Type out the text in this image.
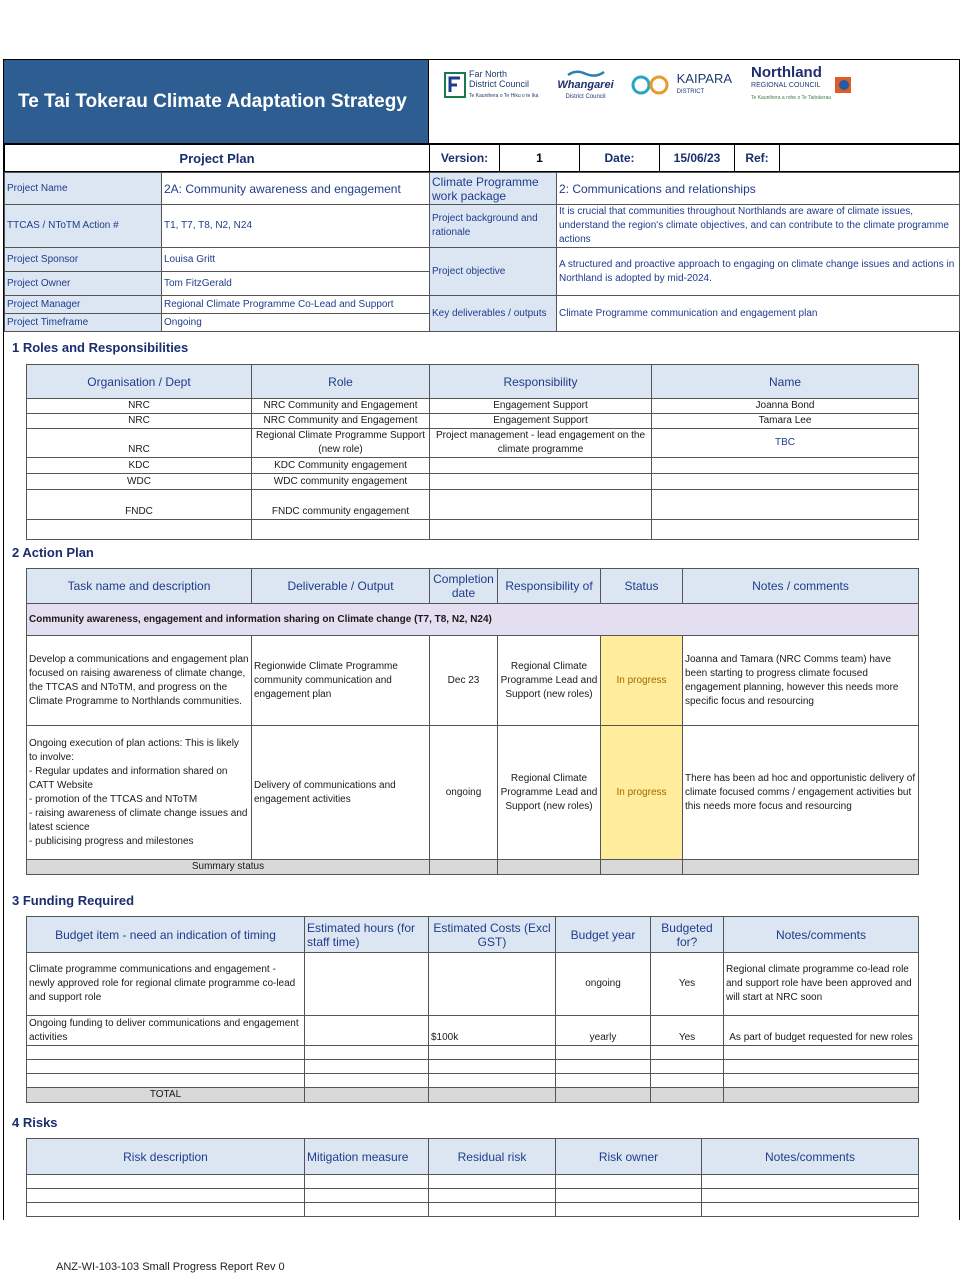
Te Tai Tokerau Climate Adaptation Strategy
Far North
District Council
Te Kaunihera o Te Hiku o te Ika

Whangarei
District Council
KAIPARA
DISTRICT
Northland
REGIONAL COUNCIL
Te Kaunihera a rohe o Te Taitokerau
Project Plan	Version:	1	Date:	15/06/23	Ref:	
Project Name	2A: Community awareness and engagement	Climate Programme work package	2: Communications and relationships
TTCAS / NToTM Action #	T1, T7, T8, N2, N24	Project background and rationale	It is crucial that communities throughout Northlands are aware of climate issues, understand the region's climate objectives, and can contribute to the climate programme actions
Project Sponsor	Louisa Gritt	Project objective	A structured and proactive approach to engaging on climate change issues and actions in Northland is adopted by mid-2024.
Project Owner	Tom FitzGerald		
Project Manager	Regional Climate Programme Co-Lead and Support	Key deliverables / outputs	Climate Programme communication and engagement plan
Project Timeframe	Ongoing		
1 Roles and Responsibilities
Organisation / Dept	Role	Responsibility	Name
NRC	NRC Community and Engagement	Engagement Support	Joanna Bond
NRC	NRC Community and Engagement	Engagement Support	Tamara Lee
NRC	Regional Climate Programme Support (new role)	Project management - lead engagement on the climate programme	TBC
KDC	KDC Community engagement		
WDC	WDC community engagement		
FNDC	FNDC community engagement		

2 Action Plan
Task name and description	Deliverable / Output	Completion date	Responsibility of	Status	Notes / comments
Community awareness, engagement and information sharing on Climate change (T7, T8, N2, N24)					
Develop a communications and engagement plan focused on raising awareness of climate change, the TTCAS and NToTM, and progress on the Climate Programme to Northlands communities.	Regionwide Climate Programme community communication and engagement plan	Dec 23	Regional Climate Programme Lead and Support (new roles)	In progress	Joanna and Tamara (NRC Comms team) have been starting to progress climate focused engagement planning, however this needs more specific focus and resourcing

Ongoing execution of plan actions: This is likely to involve:
- Regular updates and information shared on CATT Website
- promotion of the TTCAS and NToTM
- raising awareness of climate change issues and latest science
- publicising progress and milestones	Delivery of communications and engagement activities	ongoing	Regional Climate Programme Lead and Support (new roles)	In progress	There has been ad hoc and opportunistic delivery of climate focused comms / engagement activities but this needs more focus and resourcing
Summary status					
3 Funding Required
Budget item - need an indication of timing	Estimated hours (for staff time)	Estimated Costs (Excl GST)	Budget year	Budgeted for?	Notes/comments
Climate programme communications and engagement - newly approved role for regional climate programme co-lead and support role			ongoing	Yes	Regional climate programme co-lead role and support role have been approved and will start at NRC soon
Ongoing funding to deliver communications and engagement activities		$100k	yearly	Yes	As part of budget requested for new roles

TOTAL					
4 Risks
Risk description	Mitigation measure	Residual risk	Risk owner	Notes/comments

ANZ-WI-103-103 Small Progress Report Rev 0
